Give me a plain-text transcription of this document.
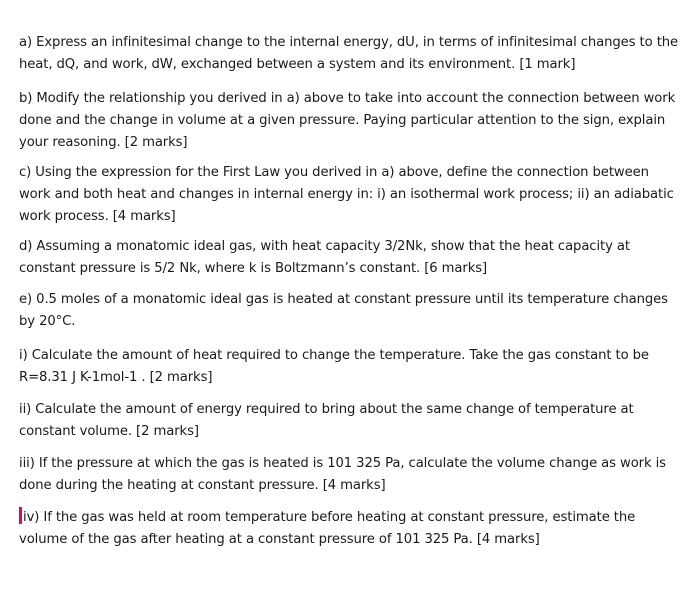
a) Express an infinitesimal change to the internal energy, dU, in terms of infinitesimal changes to the heat, dQ, and work, dW, exchanged between a system and its environment. [1 mark]

b) Modify the relationship you derived in a) above to take into account the connection between work done and the change in volume at a given pressure. Paying particular attention to the sign, explain your reasoning. [2 marks]

c) Using the expression for the First Law you derived in a) above, define the connection between work and both heat and changes in internal energy in: i) an isothermal work process; ii) an adiabatic work process. [4 marks]

d) Assuming a monatomic ideal gas, with heat capacity 3/2Nk, show that the heat capacity at constant pressure is 5/2 Nk, where k is Boltzmann’s constant. [6 marks]

e) 0.5 moles of a monatomic ideal gas is heated at constant pressure until its temperature changes by 20°C.

i) Calculate the amount of heat required to change the temperature. Take the gas constant to be R=8.31 J K-1mol-1 . [2 marks]

ii) Calculate the amount of energy required to bring about the same change of temperature at constant volume. [2 marks]

iii) If the pressure at which the gas is heated is 101 325 Pa, calculate the volume change as work is done during the heating at constant pressure. [4 marks]

iv) If the gas was held at room temperature before heating at constant pressure, estimate the volume of the gas after heating at a constant pressure of 101 325 Pa. [4 marks]
